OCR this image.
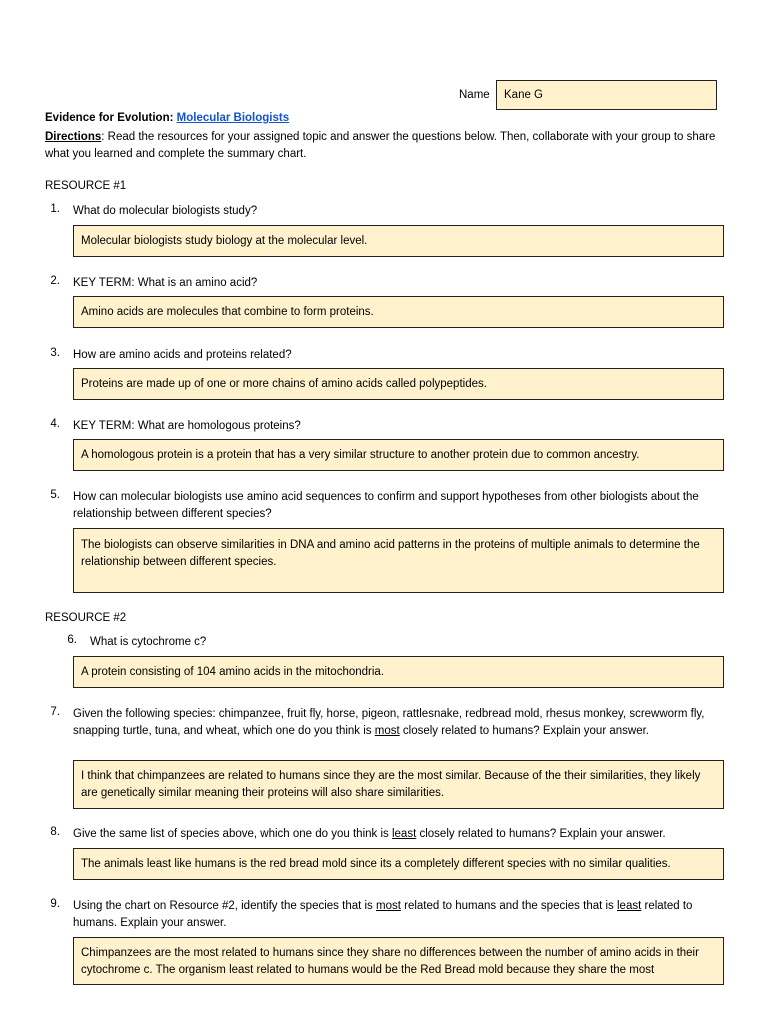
Name	Kane G
Evidence for Evolution: Molecular Biologists
Directions: Read the resources for your assigned topic and answer the questions below. Then, collaborate with your group to share what you learned and complete the summary chart.
RESOURCE #1
1. What do molecular biologists study?
Molecular biologists study biology at the molecular level.
2. KEY TERM: What is an amino acid?
Amino acids are molecules that combine to form proteins.
3. How are amino acids and proteins related?
Proteins are made up of one or more chains of amino acids called polypeptides.
4. KEY TERM: What are homologous proteins?
A homologous protein is a protein that has a very similar structure to another protein due to common ancestry.
5. How can molecular biologists use amino acid sequences to confirm and support hypotheses from other biologists about the relationship between different species?
The biologists can observe similarities in DNA and amino acid patterns in the proteins of multiple animals to determine the relationship between different species.
RESOURCE #2
6. What is cytochrome c?
A protein consisting of 104 amino acids in the mitochondria.
7. Given the following species: chimpanzee, fruit fly, horse, pigeon, rattlesnake, redbread mold, rhesus monkey, screwworm fly, snapping turtle, tuna, and wheat, which one do you think is most closely related to humans? Explain your answer.
I think that chimpanzees are related to humans since they are the most similar. Because of the their similarities, they likely are genetically similar meaning their proteins will also share similarities.
8. Give the same list of species above, which one do you think is least closely related to humans? Explain your answer.
The animals least like humans is the red bread mold since its a completely different species with no similar qualities.
9. Using the chart on Resource #2, identify the species that is most related to humans and the species that is least related to humans. Explain your answer.
Chimpanzees are the most related to humans since they share no differences between the number of amino acids in their cytochrome c. The organism least related to humans would be the Red Bread mold because they share the most
